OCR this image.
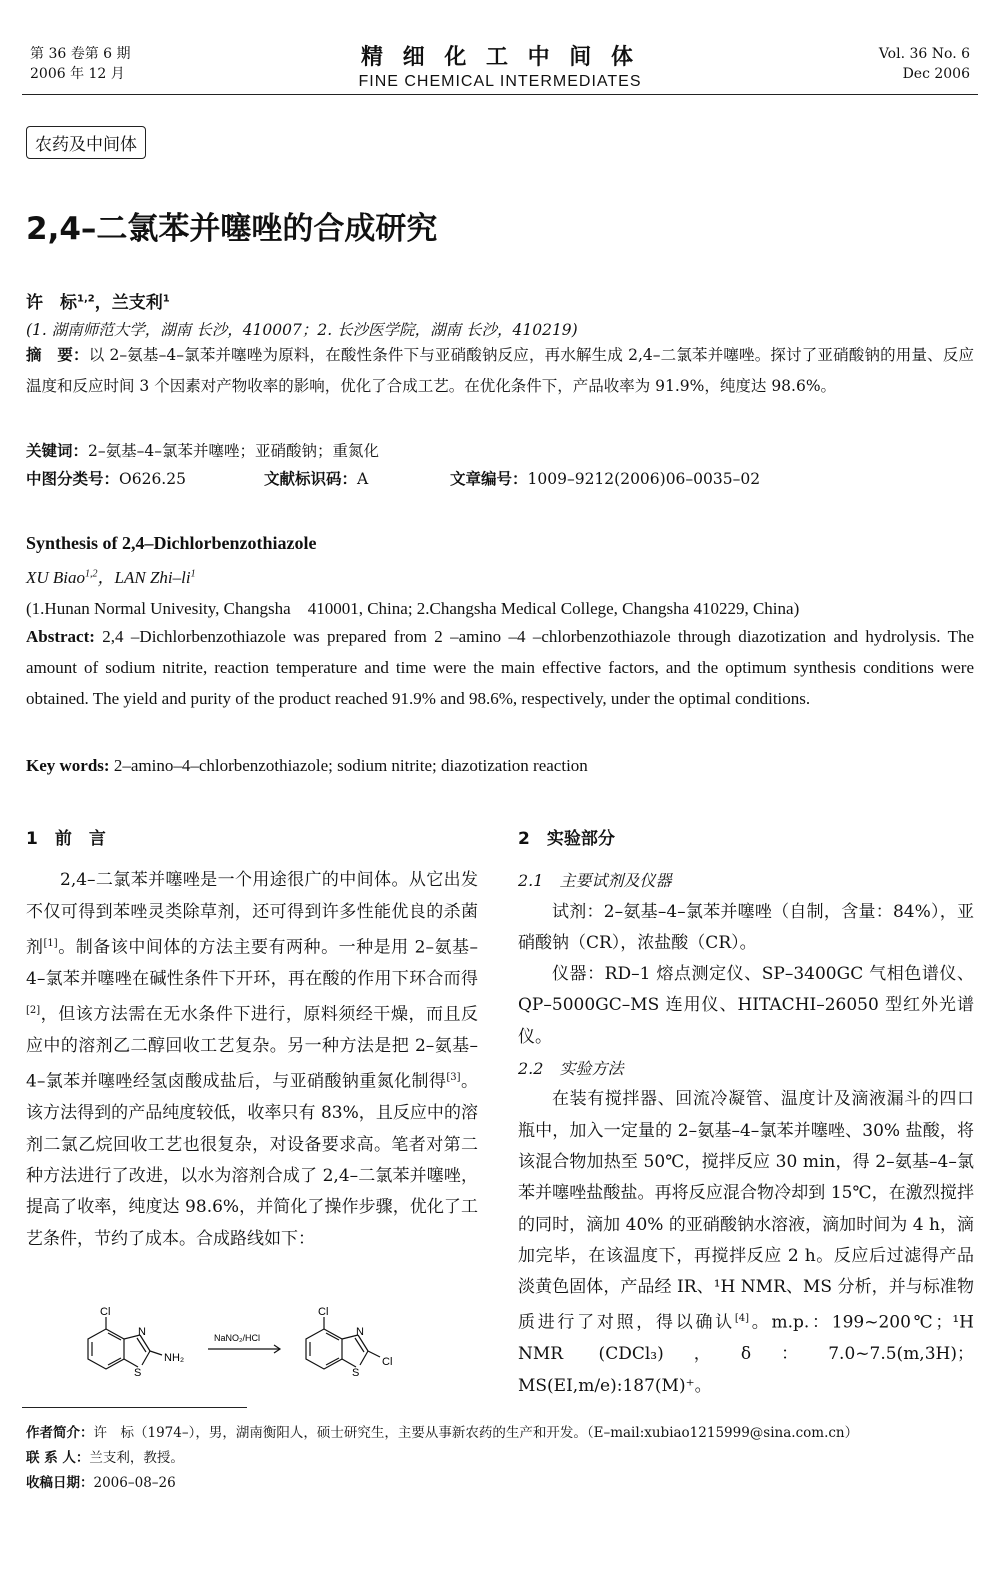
第 36 卷第 6 期
2006 年 12 月
精 细 化 工 中 间 体
FINE CHEMICAL INTERMEDIATES
Vol. 36 No. 6
Dec 2006
农药及中间体
2,4–二氯苯并噻唑的合成研究
许　标$^{1,2}$，兰支利$^1$
(1. 湖南师范大学，湖南 长沙，410007；2. 长沙医学院，湖南 长沙，410219)
摘　要：以 2–氨基–4–氯苯并噻唑为原料，在酸性条件下与亚硝酸钠反应，再水解生成 2,4–二氯苯并噻唑。探讨了亚硝酸钠的用量、反应温度和反应时间 3 个因素对产物收率的影响，优化了合成工艺。在优化条件下，产品收率为 91.9%，纯度达 98.6%。
关键词：2–氨基–4–氯苯并噻唑；亚硝酸钠；重氮化
中图分类号：O626.25	文献标识码：A	文章编号：1009–9212(2006)06–0035–02
Synthesis of 2,4–Dichlorbenzothiazole
XU Biao$^{1,2}$，LAN Zhi–$li^1$
(1.Hunan Normal Univesity, Changsha　410001, China; 2.Changsha Medical College, Changsha 410229, China)
Abstract: 2,4 –Dichlorbenzothiazole was prepared from 2 –amino –4 –chlorbenzothiazole through diazotization and hydrolysis. The amount of sodium nitrite, reaction temperature and time were the main effective factors, and the optimum synthesis conditions were obtained. The yield and purity of the product reached 91.9% and 98.6%, respectively, under the optimal conditions.
Key words: 2–amino–4–chlorbenzothiazole; sodium nitrite; diazotization reaction
1　前　言
2,4–二氯苯并噻唑是一个用途很广的中间体。从它出发不仅可得到苯唑灵类除草剂，还可得到许多性能优良的杀菌剂[1]。制备该中间体的方法主要有两种。一种是用 2–氨基–4–氯苯并噻唑在碱性条件下开环，再在酸的作用下环合而得[2]，但该方法需在无水条件下进行，原料须经干燥，而且反应中的溶剂乙二醇回收工艺复杂。另一种方法是把 2–氨基–4–氯苯并噻唑经氢卤酸成盐后，与亚硝酸钠重氮化制得[3]。该方法得到的产品纯度较低，收率只有 83%，且反应中的溶剂二氯乙烷回收工艺也很复杂，对设备要求高。笔者对第二种方法进行了改进，以水为溶剂合成了 2,4–二氯苯并噻唑，提高了收率，纯度达 98.6%，并简化了操作步骤，优化了工艺条件，节约了成本。合成路线如下：
Cl
N
S
NH₂
NaNO₂/HCl
Cl
N
S
Cl
2　实验部分
2.1　主要试剂及仪器
试剂：2–氨基–4–氯苯并噻唑（自制，含量：84%），亚硝酸钠（CR），浓盐酸（CR）。
仪器：RD–1 熔点测定仪、SP–3400GC 气相色谱仪、QP–5000GC–MS 连用仪、HITACHI–26050 型红外光谱仪。
2.2　实验方法
在装有搅拌器、回流冷凝管、温度计及滴液漏斗的四口瓶中，加入一定量的 2–氨基–4–氯苯并噻唑、30% 盐酸，将该混合物加热至 50℃，搅拌反应 30 min，得 2–氨基–4–氯苯并噻唑盐酸盐。再将反应混合物冷却到 15℃，在激烈搅拌的同时，滴加 40% 的亚硝酸钠水溶液，滴加时间为 4 h，滴加完毕，在该温度下，再搅拌反应 2 h。反应后过滤得产品淡黄色固体，产品经 IR、¹H NMR、MS 分析，并与标准物质进行了对照，得以确认[4]。m.p.：199~200℃；¹H NMR (CDCl₃)，δ：7.0~7.5(m,3H)；MS(EI,m/e):187(M)⁺。
作者简介：许　标（1974–），男，湖南衡阳人，硕士研究生，主要从事新农药的生产和开发。（E–mail:xubiao1215999@sina.com.cn）
联 系 人：兰支利，教授。
收稿日期：2006–08–26
